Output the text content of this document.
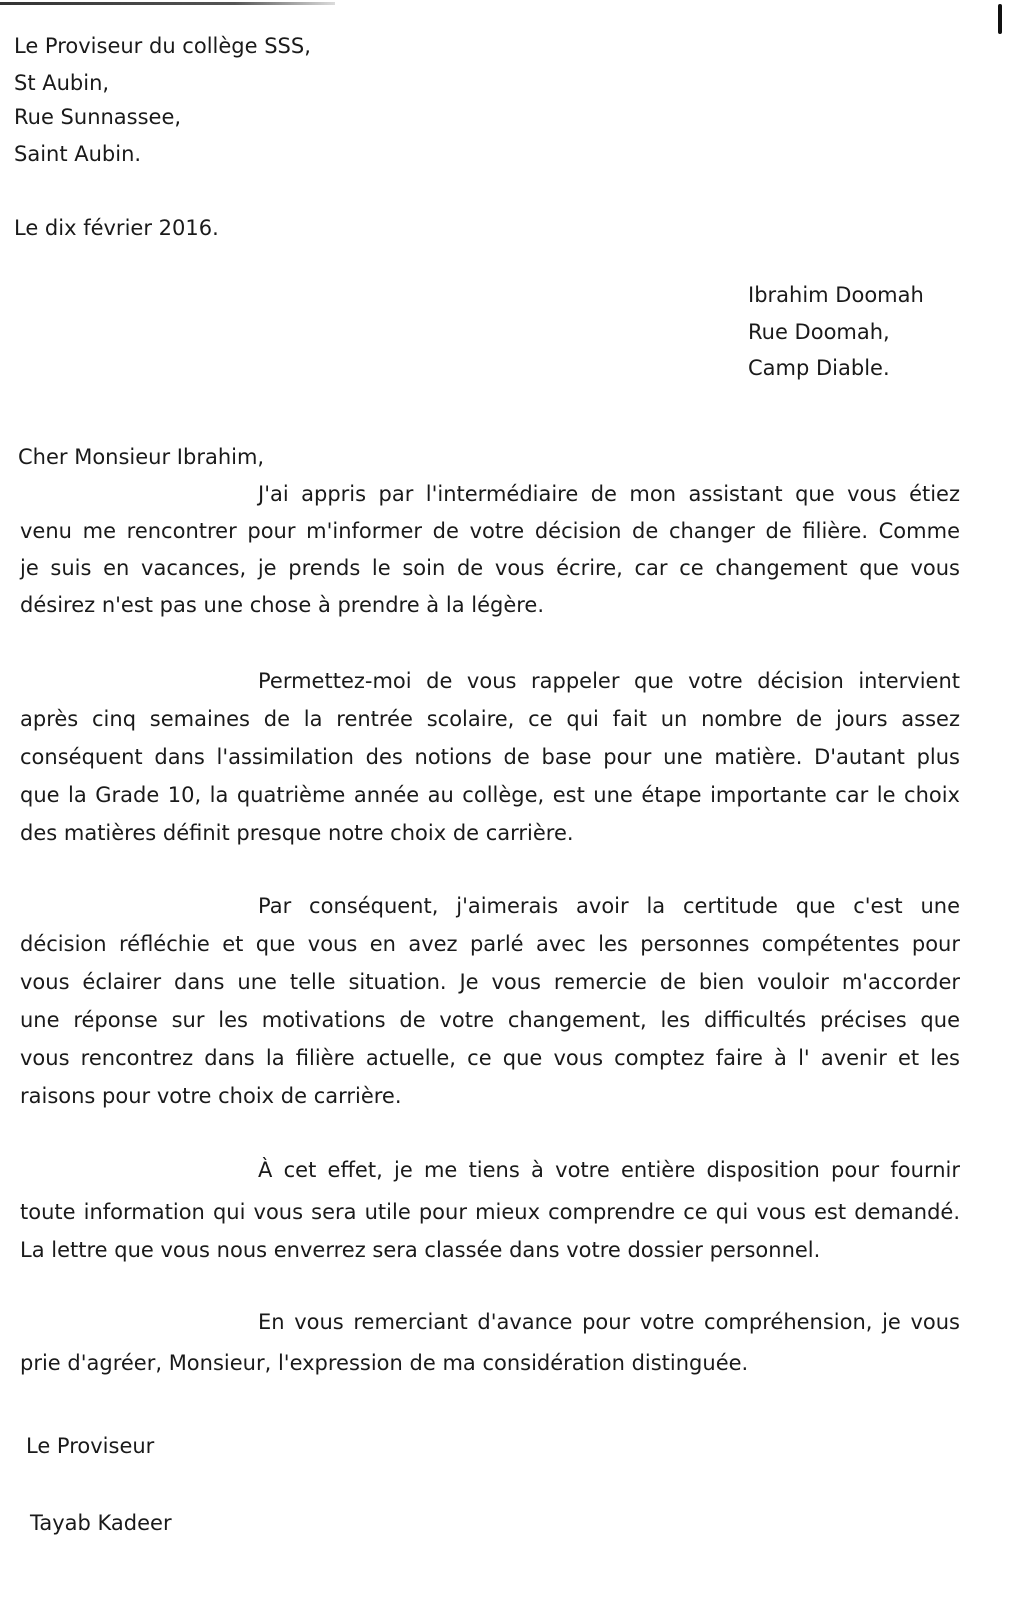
Le Proviseur du collège SSS,
St Aubin,
Rue Sunnassee,
Saint Aubin.
Le dix février 2016.
Ibrahim Doomah
Rue Doomah,
Camp Diable.
Cher Monsieur Ibrahim,
J'ai appris par l'intermédiaire de mon assistant que vous étiez
venu me rencontrer pour m'informer de votre décision de changer de filière. Comme
je suis en vacances, je prends le soin de vous écrire, car ce changement que vous
désirez n'est pas une chose à prendre à la légère.
Permettez-moi de vous rappeler que votre décision intervient
après cinq semaines de la rentrée scolaire, ce qui fait un nombre de jours assez
conséquent dans l'assimilation des notions de base pour une matière. D'autant plus
que la Grade 10, la quatrième année au collège, est une étape importante car le choix
des matières définit presque notre choix de carrière.
Par conséquent, j'aimerais avoir la certitude que c'est une
décision réfléchie et que vous en avez parlé avec les personnes compétentes pour
vous éclairer dans une telle situation. Je vous remercie de bien vouloir m'accorder
une réponse sur les motivations de votre changement, les difficultés précises que
vous rencontrez dans la filière actuelle, ce que vous comptez faire à l' avenir et les
raisons pour votre choix de carrière.
À cet effet, je me tiens à votre entière disposition pour fournir
toute information qui vous sera utile pour mieux comprendre ce qui vous est demandé.
La lettre que vous nous enverrez sera classée dans votre dossier personnel.
En vous remerciant d'avance pour votre compréhension, je vous
prie d'agréer, Monsieur, l'expression de ma considération distinguée.
Le Proviseur
Tayab Kadeer
